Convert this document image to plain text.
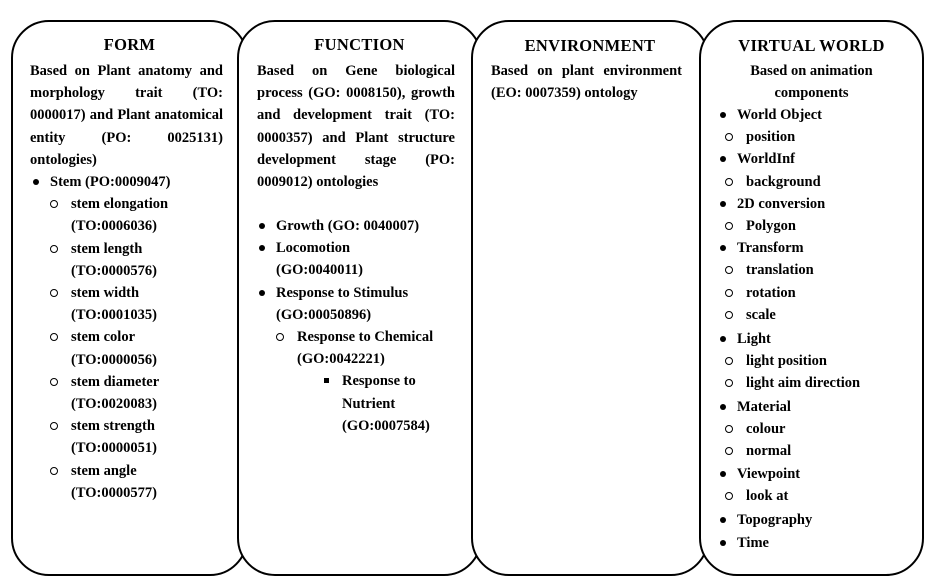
FORM
Based on Plant anatomy and morphology trait (TO: 0000017) and Plant anatomical entity (PO: 0025131) ontologies)
Stem (PO:0009047)
stem elongation
(TO:0006036)
stem length
(TO:0000576)
stem width
(TO:0001035)
stem color
(TO:0000056)
stem diameter
(TO:0020083)
stem strength
(TO:0000051)
stem angle
(TO:0000577)
FUNCTION
Based on Gene biological process (GO: 0008150), growth and development trait (TO: 0000357) and Plant structure development stage (PO: 0009012) ontologies
Growth (GO: 0040007)
Locomotion
(GO:0040011)
Response to Stimulus
(GO:00050896)
Response to Chemical
(GO:0042221)
Response to
Nutrient
(GO:0007584)
ENVIRONMENT
Based on plant environment (EO: 0007359) ontology
VIRTUAL WORLD
Based on animation
components
World Object
position
WorldInf
background
2D conversion
Polygon
Transform
translation
rotation
scale
Light
light position
light aim direction
Material
colour
normal
Viewpoint
look at
Topography
Time
